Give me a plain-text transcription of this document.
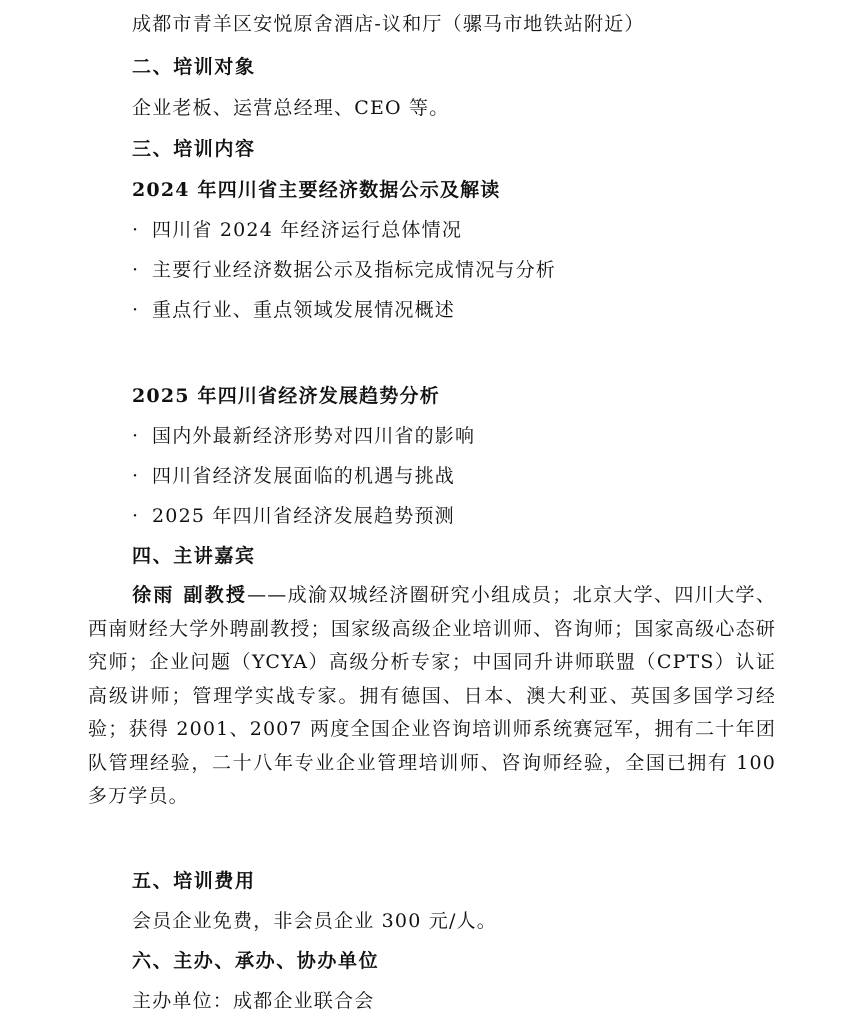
成都市青羊区安悦原舍酒店-议和厅（骡马市地铁站附近）
二、培训对象
企业老板、运营总经理、CEO 等。
三、培训内容
2024 年四川省主要经济数据公示及解读
· 四川省 2024 年经济运行总体情况
· 主要行业经济数据公示及指标完成情况与分析
· 重点行业、重点领域发展情况概述
2025 年四川省经济发展趋势分析
· 国内外最新经济形势对四川省的影响
· 四川省经济发展面临的机遇与挑战
· 2025 年四川省经济发展趋势预测
四、主讲嘉宾
徐雨 副教授——成渝双城经济圈研究小组成员；北京大学、四川大学、西南财经大学外聘副教授；国家级高级企业培训师、咨询师；国家高级心态研究师；企业问题（YCYA）高级分析专家；中国同升讲师联盟（CPTS）认证高级讲师；管理学实战专家。拥有德国、日本、澳大利亚、英国多国学习经验；获得 2001、2007 两度全国企业咨询培训师系统赛冠军，拥有二十年团队管理经验，二十八年专业企业管理培训师、咨询师经验，全国已拥有 100 多万学员。
五、培训费用
会员企业免费，非会员企业 300 元/人。
六、主办、承办、协办单位
主办单位：成都企业联合会
